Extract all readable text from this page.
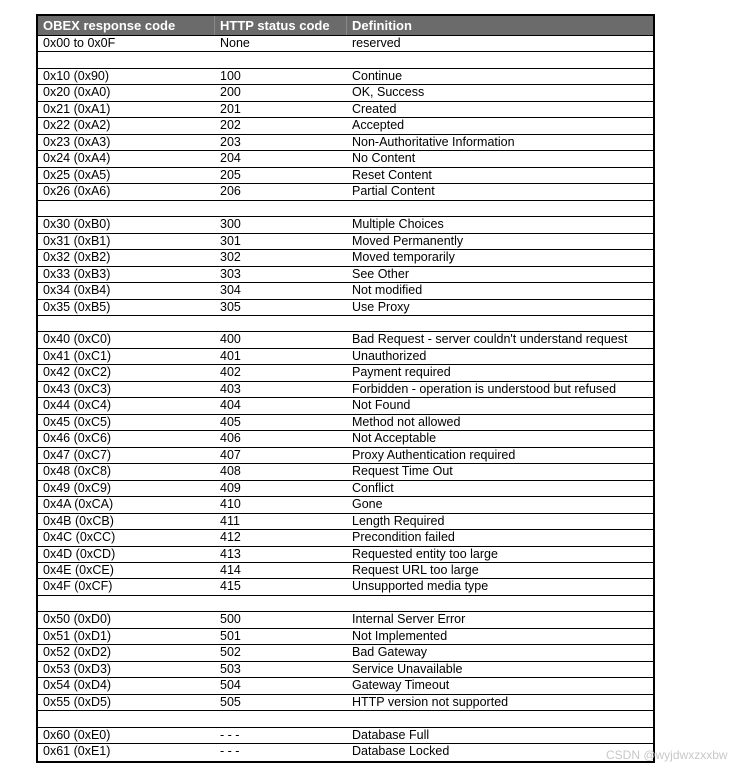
OBEX response code	HTTP status code	Definition
0x00 to 0x0F	None	reserved
0x10 (0x90)	100	Continue
0x20 (0xA0)	200	OK, Success
0x21 (0xA1)	201	Created
0x22 (0xA2)	202	Accepted
0x23 (0xA3)	203	Non-Authoritative Information
0x24 (0xA4)	204	No Content
0x25 (0xA5)	205	Reset Content
0x26 (0xA6)	206	Partial Content
0x30 (0xB0)	300	Multiple Choices
0x31 (0xB1)	301	Moved Permanently
0x32 (0xB2)	302	Moved temporarily
0x33 (0xB3)	303	See Other
0x34 (0xB4)	304	Not modified
0x35 (0xB5)	305	Use Proxy
0x40 (0xC0)	400	Bad Request - server couldn't understand request
0x41 (0xC1)	401	Unauthorized
0x42 (0xC2)	402	Payment required
0x43 (0xC3)	403	Forbidden - operation is understood but refused
0x44 (0xC4)	404	Not Found
0x45 (0xC5)	405	Method not allowed
0x46 (0xC6)	406	Not Acceptable
0x47 (0xC7)	407	Proxy Authentication required
0x48 (0xC8)	408	Request Time Out
0x49 (0xC9)	409	Conflict
0x4A (0xCA)	410	Gone
0x4B (0xCB)	411	Length Required
0x4C (0xCC)	412	Precondition failed
0x4D (0xCD)	413	Requested entity too large
0x4E (0xCE)	414	Request URL too large
0x4F (0xCF)	415	Unsupported media type
0x50 (0xD0)	500	Internal Server Error
0x51 (0xD1)	501	Not Implemented
0x52 (0xD2)	502	Bad Gateway
0x53 (0xD3)	503	Service Unavailable
0x54 (0xD4)	504	Gateway Timeout
0x55 (0xD5)	505	HTTP version not supported
0x60 (0xE0)	- - -	Database Full
0x61 (0xE1)	- - -	Database Locked	CSDN @wyjdwxzxxbw
